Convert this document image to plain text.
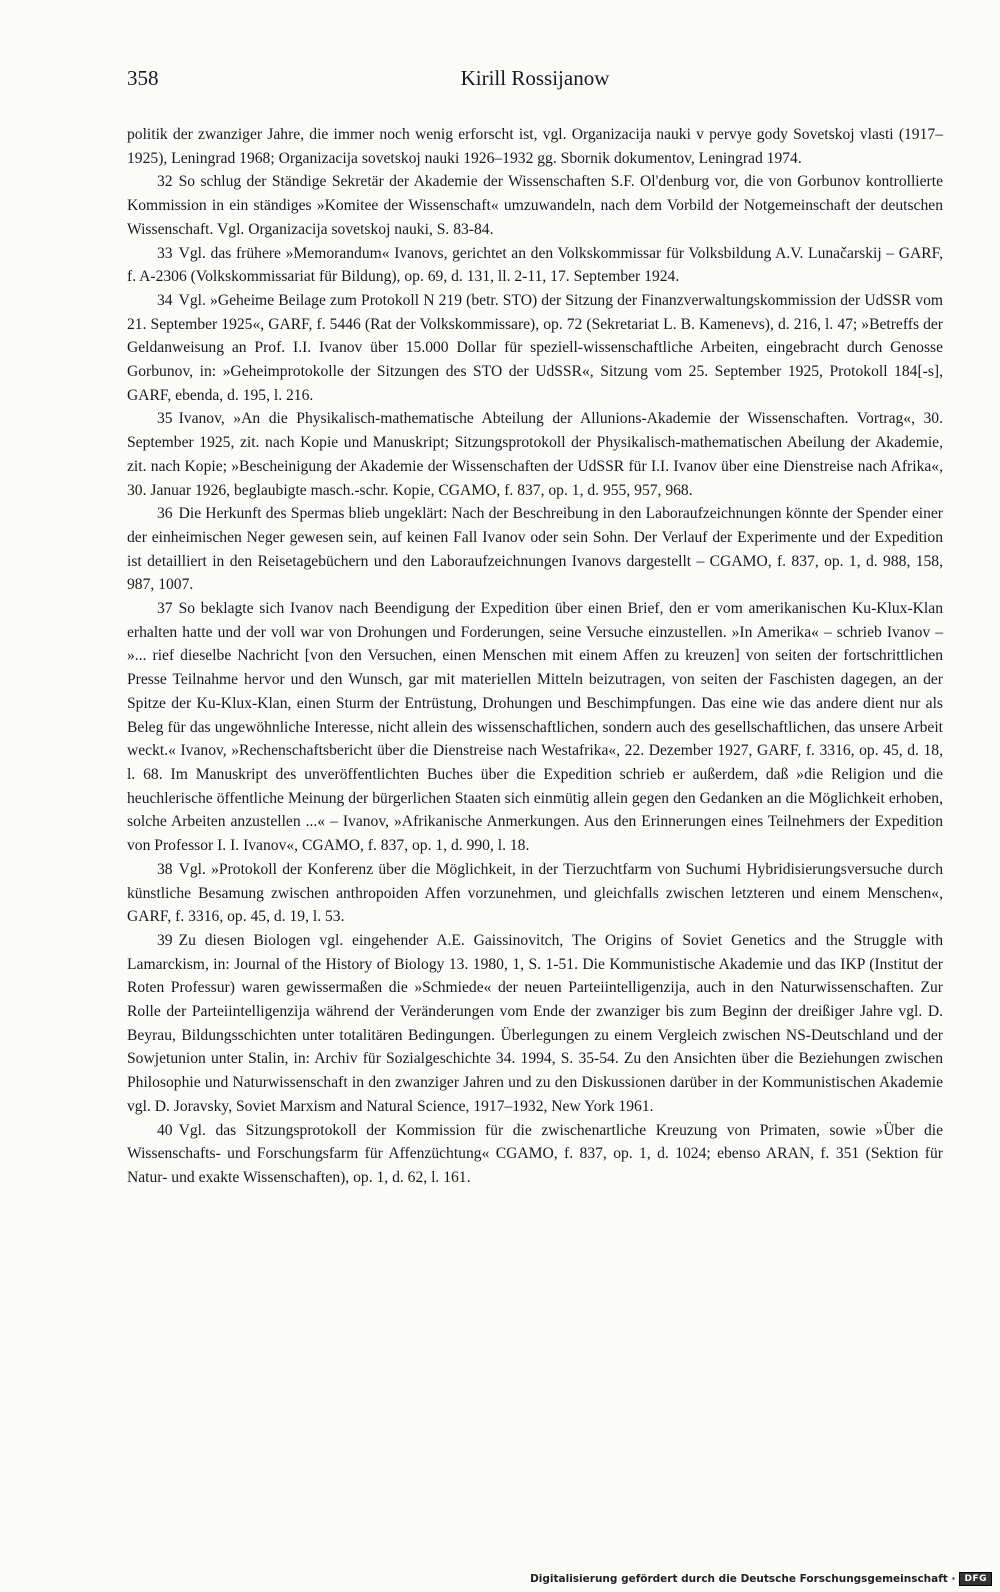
358	Kirill Rossijanow

politik der zwanziger Jahre, die immer noch wenig erforscht ist, vgl. Organizacija nauki v pervye gody Sovetskoj vlasti (1917–1925), Leningrad 1968; Organizacija sovetskoj nauki 1926–1932 gg. Sbornik dokumentov, Leningrad 1974.

32 So schlug der Ständige Sekretär der Akademie der Wissenschaften S.F. Ol'denburg vor, die von Gorbunov kontrollierte Kommission in ein ständiges »Komitee der Wissenschaft« umzuwandeln, nach dem Vorbild der Notgemeinschaft der deutschen Wissenschaft. Vgl. Organizacija sovetskoj nauki, S. 83-84.

33 Vgl. das frühere »Memorandum« Ivanovs, gerichtet an den Volkskommissar für Volksbildung A.V. Lunačarskij – GARF, f. A-2306 (Volkskommissariat für Bildung), op. 69, d. 131, ll. 2-11, 17. September 1924.

34 Vgl. »Geheime Beilage zum Protokoll N 219 (betr. STO) der Sitzung der Finanzverwaltungskommission der UdSSR vom 21. September 1925«, GARF, f. 5446 (Rat der Volkskommissare), op. 72 (Sekretariat L. B. Kamenevs), d. 216, l. 47; »Betreffs der Geldanweisung an Prof. I.I. Ivanov über 15.000 Dollar für speziell-wissenschaftliche Arbeiten, eingebracht durch Genosse Gorbunov, in: »Geheimprotokolle der Sitzungen des STO der UdSSR«, Sitzung vom 25. September 1925, Protokoll 184[-s], GARF, ebenda, d. 195, l. 216.

35 Ivanov, »An die Physikalisch-mathematische Abteilung der Allunions-Akademie der Wissenschaften. Vortrag«, 30. September 1925, zit. nach Kopie und Manuskript; Sitzungsprotokoll der Physikalisch-mathematischen Abeilung der Akademie, zit. nach Kopie; »Bescheinigung der Akademie der Wissenschaften der UdSSR für I.I. Ivanov über eine Dienstreise nach Afrika«, 30. Januar 1926, beglaubigte masch.-schr. Kopie, CGAMO, f. 837, op. 1, d. 955, 957, 968.

36 Die Herkunft des Spermas blieb ungeklärt: Nach der Beschreibung in den Laboraufzeichnungen könnte der Spender einer der einheimischen Neger gewesen sein, auf keinen Fall Ivanov oder sein Sohn. Der Verlauf der Experimente und der Expedition ist detailliert in den Reisetagebüchern und den Laboraufzeichnungen Ivanovs dargestellt – CGAMO, f. 837, op. 1, d. 988, 158, 987, 1007.

37 So beklagte sich Ivanov nach Beendigung der Expedition über einen Brief, den er vom amerikanischen Ku-Klux-Klan erhalten hatte und der voll war von Drohungen und Forderungen, seine Versuche einzustellen. »In Amerika« – schrieb Ivanov – »... rief dieselbe Nachricht [von den Versuchen, einen Menschen mit einem Affen zu kreuzen] von seiten der fortschrittlichen Presse Teilnahme hervor und den Wunsch, gar mit materiellen Mitteln beizutragen, von seiten der Faschisten dagegen, an der Spitze der Ku-Klux-Klan, einen Sturm der Entrüstung, Drohungen und Beschimpfungen. Das eine wie das andere dient nur als Beleg für das ungewöhnliche Interesse, nicht allein des wissenschaftlichen, sondern auch des gesellschaftlichen, das unsere Arbeit weckt.« Ivanov, »Rechenschaftsbericht über die Dienstreise nach Westafrika«, 22. Dezember 1927, GARF, f. 3316, op. 45, d. 18, l. 68. Im Manuskript des unveröffentlichten Buches über die Expedition schrieb er außerdem, daß »die Religion und die heuchlerische öffentliche Meinung der bürgerlichen Staaten sich einmütig allein gegen den Gedanken an die Möglichkeit erhoben, solche Arbeiten anzustellen ...« – Ivanov, »Afrikanische Anmerkungen. Aus den Erinnerungen eines Teilnehmers der Expedition von Professor I. I. Ivanov«, CGAMO, f. 837, op. 1, d. 990, l. 18.

38 Vgl. »Protokoll der Konferenz über die Möglichkeit, in der Tierzuchtfarm von Suchumi Hybridisierungsversuche durch künstliche Besamung zwischen anthropoiden Affen vorzunehmen, und gleichfalls zwischen letzteren und einem Menschen«, GARF, f. 3316, op. 45, d. 19, l. 53.

39 Zu diesen Biologen vgl. eingehender A.E. Gaissinovitch, The Origins of Soviet Genetics and the Struggle with Lamarckism, in: Journal of the History of Biology 13. 1980, 1, S. 1-51. Die Kommunistische Akademie und das IKP (Institut der Roten Professur) waren gewissermaßen die »Schmiede« der neuen Parteiintelligenzija, auch in den Naturwissenschaften. Zur Rolle der Parteiintelligenzija während der Veränderungen vom Ende der zwanziger bis zum Beginn der dreißiger Jahre vgl. D. Beyrau, Bildungsschichten unter totalitären Bedingungen. Überlegungen zu einem Vergleich zwischen NS-Deutschland und der Sowjetunion unter Stalin, in: Archiv für Sozialgeschichte 34. 1994, S. 35-54. Zu den Ansichten über die Beziehungen zwischen Philosophie und Naturwissenschaft in den zwanziger Jahren und zu den Diskussionen darüber in der Kommunistischen Akademie vgl. D. Joravsky, Soviet Marxism and Natural Science, 1917–1932, New York 1961.

40 Vgl. das Sitzungsprotokoll der Kommission für die zwischenartliche Kreuzung von Primaten, sowie »Über die Wissenschafts- und Forschungsfarm für Affenzüchtung« CGAMO, f. 837, op. 1, d. 1024; ebenso ARAN, f. 351 (Sektion für Natur- und exakte Wissenschaften), op. 1, d. 62, l. 161.

Digitalisierung gefördert durch die Deutsche Forschungsgemeinschaft ·	DFG
